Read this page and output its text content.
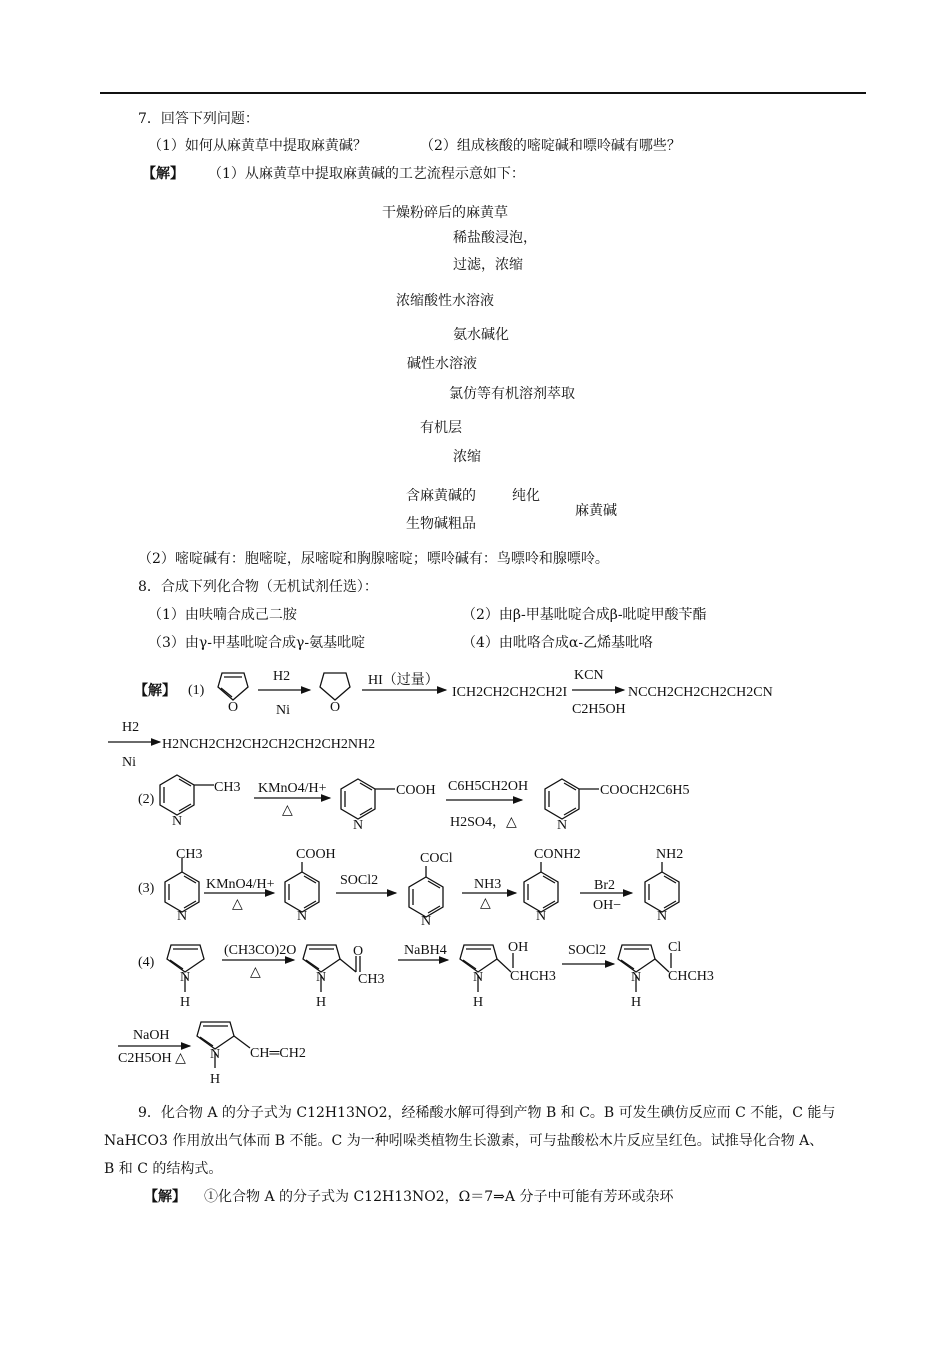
7．回答下列问题：
（1）如何从麻黄草中提取麻黄碱？	（2）组成核酸的嘧啶碱和嘌呤碱有哪些？
【解】 （1）从麻黄草中提取麻黄碱的工艺流程示意如下：
干燥粉碎后的麻黄草
稀盐酸浸泡，
过滤，浓缩
浓缩酸性水溶液
氨水碱化
碱性水溶液
氯仿等有机溶剂萃取
有机层
浓缩
含麻黄碱的	纯化
生物碱粗品
麻黄碱
（2）嘧啶碱有：胞嘧啶，尿嘧啶和胸腺嘧啶；嘌呤碱有：鸟嘌呤和腺嘌呤。
8．合成下列化合物（无机试剂任选）：
（1）由呋喃合成己二胺	（2）由β-甲基吡啶合成β-吡啶甲酸苄酯
（3）由γ-甲基吡啶合成γ-氨基吡啶	（4）由吡咯合成α-乙烯基吡咯
【解】 (1)
O
H2
Ni	O
HI（过量）
ICH2CH2CH2CH2I
KCN
C2H5OH
NCCH2CH2CH2CH2CN
H2
Ni
H2NCH2CH2CH2CH2CH2CH2NH2
(2)
N
CH3 KMnO4/H+
△
N
COOH C6H5CH2OH
H2SO4，△	N
COOCH2C6H5
(3)
N
CH3
KMnO4/H+
△
N
COOH
SOCl2
N
COCl
NH3
△
N
CONH2
Br2
OH−
N
NH2
(4)
N
H
(CH3CO)2O
△	N
H
O
CH3
NaBH4
N
H
OH
CHCH3
SOCl2
N
H
Cl
CHCH3
NaOH
C2H5OH △ N
H
CH═CH2
9．化合物 A 的分子式为 C12H13NO2，经稀酸水解可得到产物 B 和 C。B 可发生碘仿反应而 C 不能，C 能与
NaHCO3 作用放出气体而 B 不能。C 为一种吲哚类植物生长激素，可与盐酸松木片反应呈红色。试推导化合物 A、
B 和 C 的结构式。
【解】 ①化合物 A 的分子式为 C12H13NO2，Ω＝7⇒A 分子中可能有芳环或杂环
